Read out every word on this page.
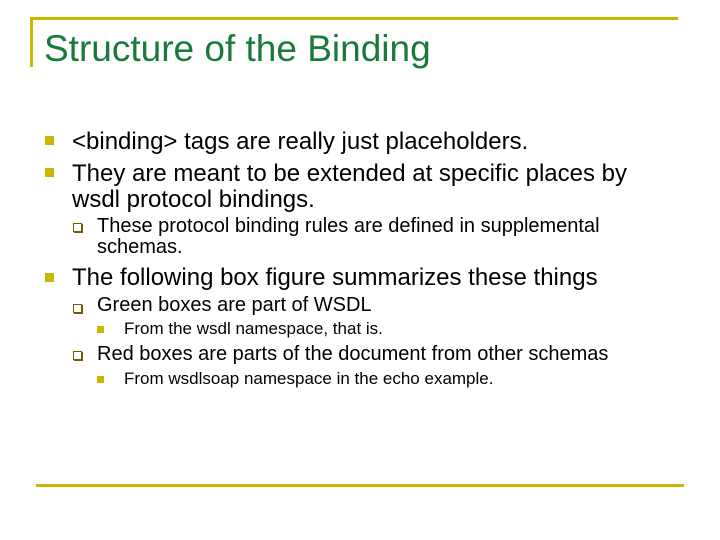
Structure of the Binding
<binding> tags are really just placeholders.
They are meant to be extended at specific places by
wsdl protocol bindings.
These protocol binding rules are defined in supplemental
schemas.
The following box figure summarizes these things
Green boxes are part of WSDL
From the wsdl namespace, that is.
Red boxes are parts of the document from other schemas
From wsdlsoap namespace in the echo example.
